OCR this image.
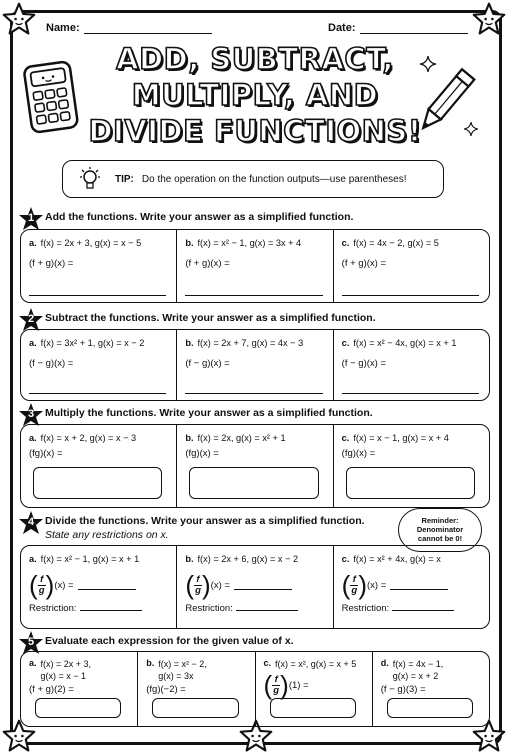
Name:	Date:
ADD, SUBTRACT,
MULTIPLY, AND
DIVIDE FUNCTIONS!
TIP: Do the operation on the function outputs—use parentheses!
1	Add the functions. Write your answer as a simplified function.
a. f(x) = 2x + 3, g(x) = x − 5
(f + g)(x) =
b. f(x) = x² − 1, g(x) = 3x + 4
(f + g)(x) =
c. f(x) = 4x − 2, g(x) = 5
(f + g)(x) =
2	Subtract the functions. Write your answer as a simplified function.
a. f(x) = 3x² + 1, g(x) = x − 2
(f − g)(x) =
b. f(x) = 2x + 7, g(x) = 4x − 3
(f − g)(x) =
c. f(x) = x² − 4x, g(x) = x + 1
(f − g)(x) =
3	Multiply the functions. Write your answer as a simplified function.
a. f(x) = x + 2, g(x) = x − 3
(fg)(x) =
b. f(x) = 2x, g(x) = x² + 1
(fg)(x) =
c. f(x) = x − 1, g(x) = x + 4
(fg)(x) =
4	Divide the functions. Write your answer as a simplified function.
State any restrictions on x.
Reminder:
Denominator
cannot be 0!
a. f(x) = x² − 1, g(x) = x + 1
( $\frac{f}{g}$ ) (x) =
Restriction:
b. f(x) = 2x + 6, g(x) = x − 2
( $\frac{f}{g}$ ) (x) =
Restriction:
c. f(x) = x² + 4x, g(x) = x
( $\frac{f}{g}$ ) (x) =
Restriction:
5	Evaluate each expression for the given value of x.
a. f(x) = 2x + 3,
g(x) = x − 1
(f + g)(2) =
b. f(x) = x² − 2,
g(x) = 3x
(fg)(−2) =
c. f(x) = x², g(x) = x + 5
( $\frac{f}{g}$ ) (1) =
d. f(x) = 4x − 1,
g(x) = x + 2
(f − g)(3) =
